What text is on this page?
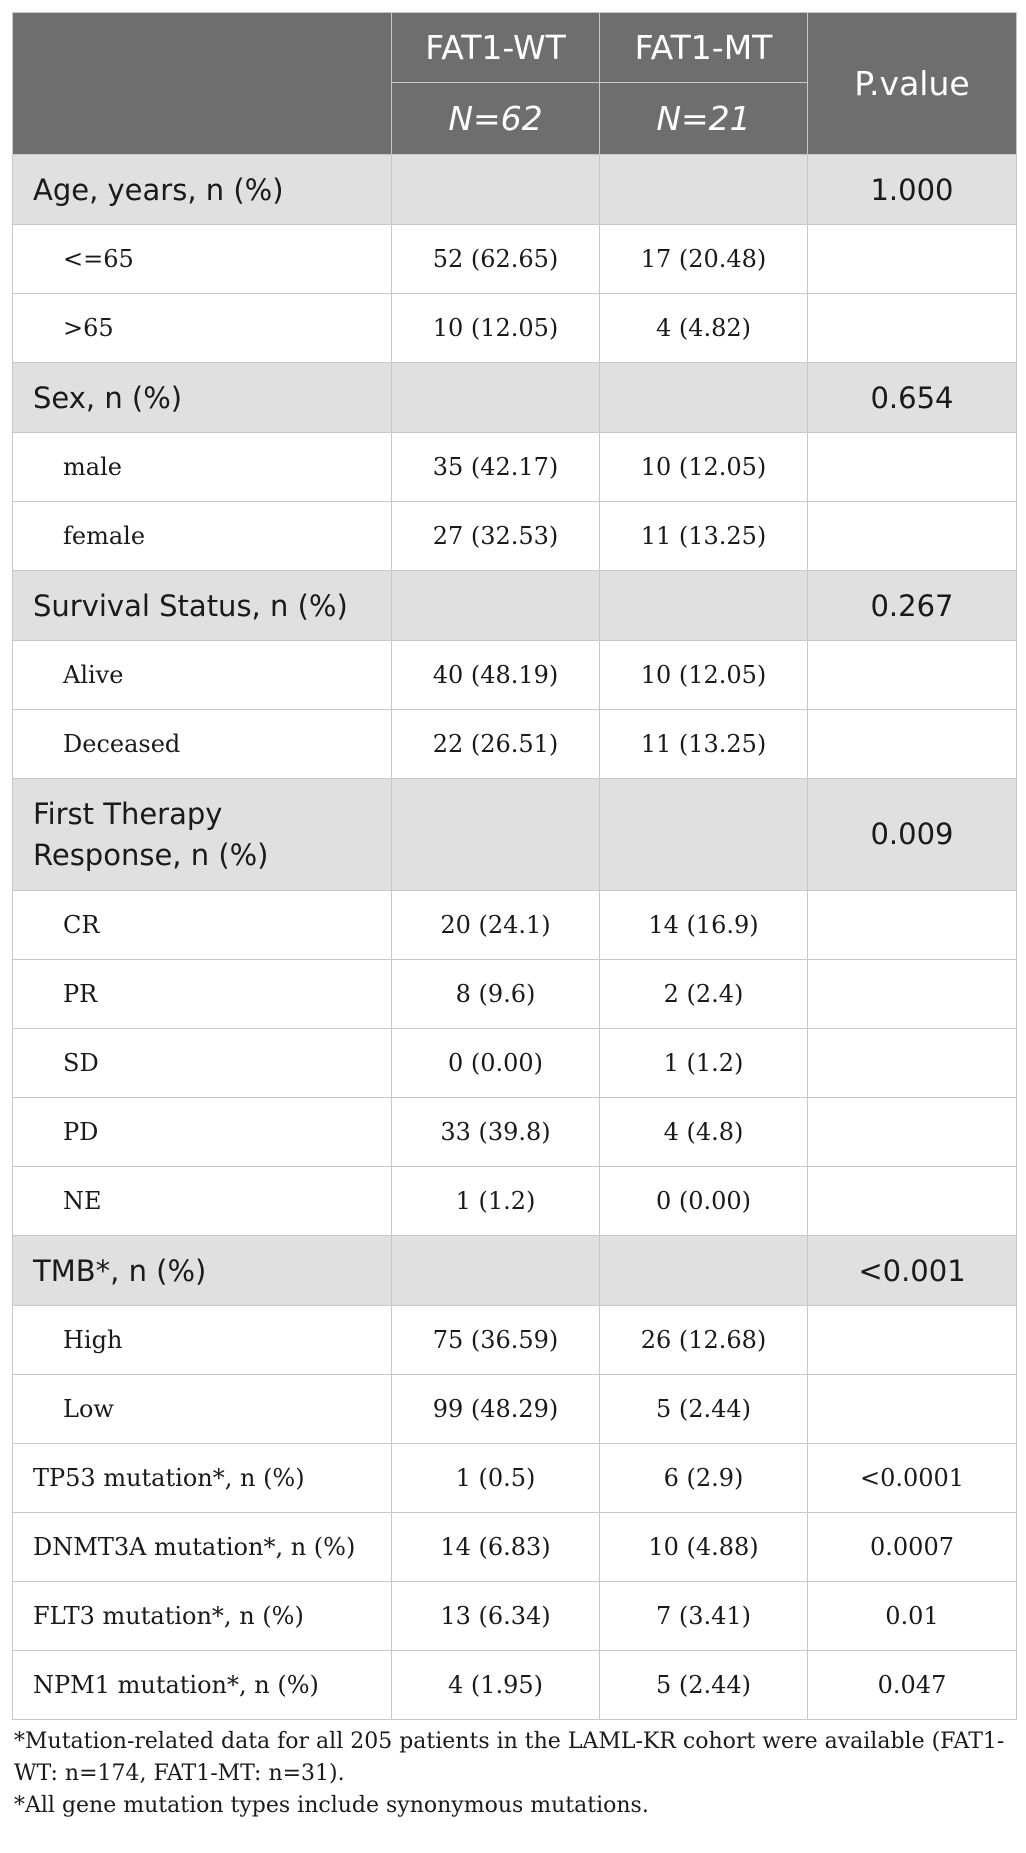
	FAT1-WT	FAT1-MT	P.value
	N=62	N=21	
Age, years, n (%)			1.000
<=65	52 (62.65)	17 (20.48)	
>65	10 (12.05)	4 (4.82)	
Sex, n (%)			0.654
male	35 (42.17)	10 (12.05)	
female	27 (32.53)	11 (13.25)	
Survival Status, n (%)			0.267
Alive	40 (48.19)	10 (12.05)	
Deceased	22 (26.51)	11 (13.25)	
First Therapy
Response, n (%)			0.009
CR	20 (24.1)	14 (16.9)	
PR	8 (9.6)	2 (2.4)	
SD	0 (0.00)	1 (1.2)	
PD	33 (39.8)	4 (4.8)	
NE	1 (1.2)	0 (0.00)	
TMB*, n (%)			<0.001
High	75 (36.59)	26 (12.68)	
Low	99 (48.29)	5 (2.44)	
TP53 mutation*, n (%)	1 (0.5)	6 (2.9)	<0.0001
DNMT3A mutation*, n (%)	14 (6.83)	10 (4.88)	0.0007
FLT3 mutation*, n (%)	13 (6.34)	7 (3.41)	0.01
NPM1 mutation*, n (%)	4 (1.95)	5 (2.44)	0.047

*Mutation-related data for all 205 patients in the LAML-KR cohort were available (FAT1-WT: n=174, FAT1-MT: n=31).

*All gene mutation types include synonymous mutations.
